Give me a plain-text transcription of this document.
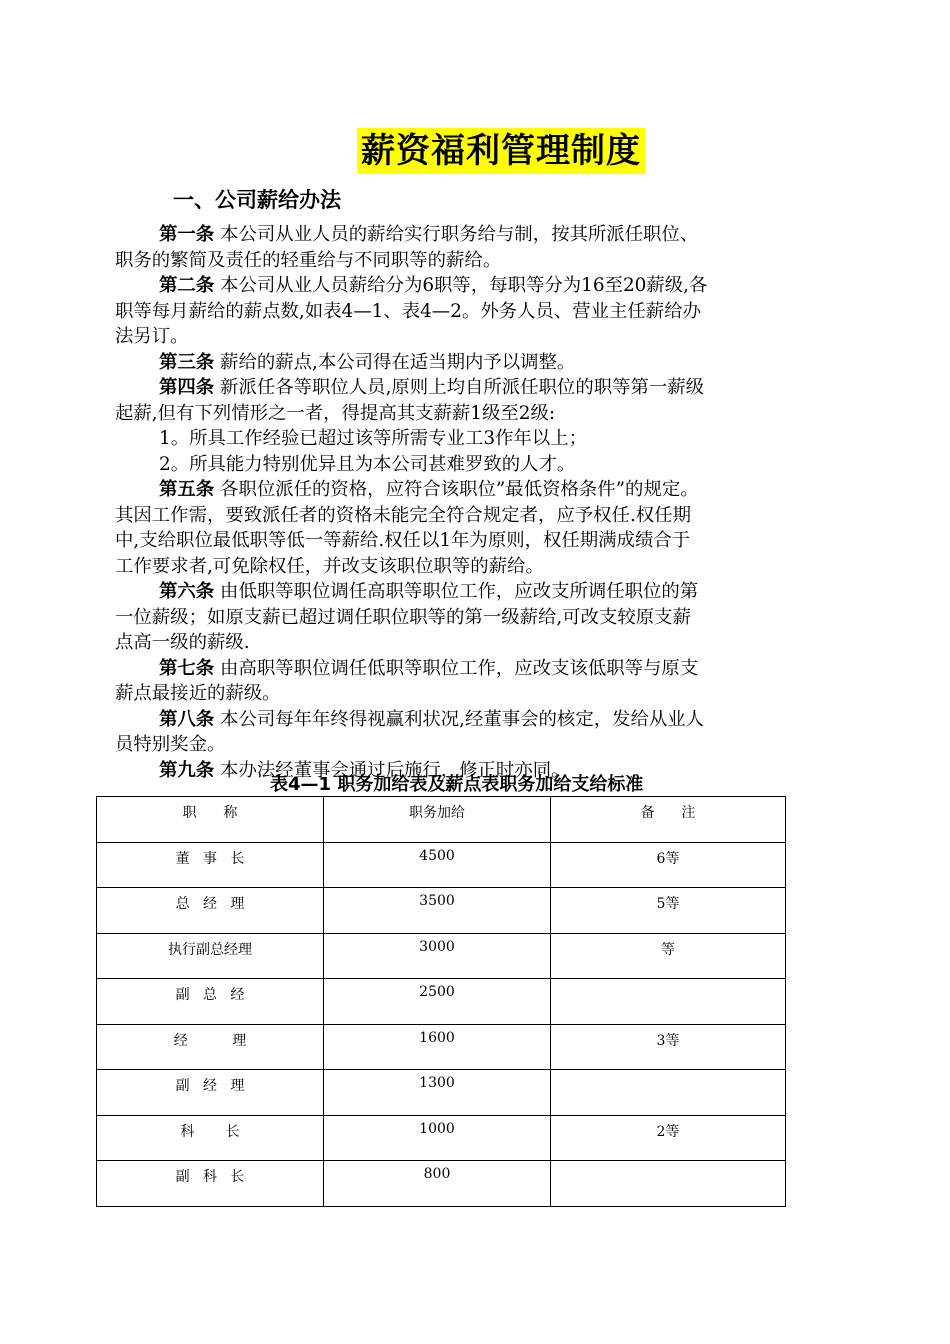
薪资福利管理制度
一、公司薪给办法
第一条 本公司从业人员的薪给实行职务给与制，按其所派任职位、
职务的繁简及责任的轻重给与不同职等的薪给。
第二条 本公司从业人员薪给分为6职等，每职等分为16至20薪级,各
职等每月薪给的薪点数,如表4—1、表4—2。外务人员、营业主任薪给办
法另订。
第三条 薪给的薪点,本公司得在适当期内予以调整。
第四条 新派任各等职位人员,原则上均自所派任职位的职等第一薪级
起薪,但有下列情形之一者，得提高其支薪薪1级至2级:
1。所具工作经验已超过该等所需专业工3作年以上；
2。所具能力特别优异且为本公司甚难罗致的人才。
第五条 各职位派任的资格，应符合该职位”最低资格条件”的规定。
其因工作需，要致派任者的资格未能完全符合规定者，应予权任.权任期
中,支给职位最低职等低一等薪给.权任以1年为原则，权任期满成绩合于
工作要求者,可免除权任，并改支该职位职等的薪给。
第六条 由低职等职位调任高职等职位工作，应改支所调任职位的第
一位薪级；如原支薪已超过调任职位职等的第一级薪给,可改支较原支薪
点高一级的薪级.
第七条 由高职等职位调任低职等职位工作，应改支该低职等与原支
薪点最接近的薪级。
第八条 本公司每年年终得视赢利状况,经董事会的核定，发给从业人
员特别奖金。
第九条 本办法经董事会通过后施行，修正时亦同。
表4—1 职务加给表及薪点表职务加给支给标准
职      称	职务加给	备      注
董   事   长	4500	6等
总   经   理	3500	5等
执行副总经理	3000	等
副   总   经	2500	
经          理	1600	3等
副   经   理	1300	
科       长	1000	2等
副   科   长	800	
